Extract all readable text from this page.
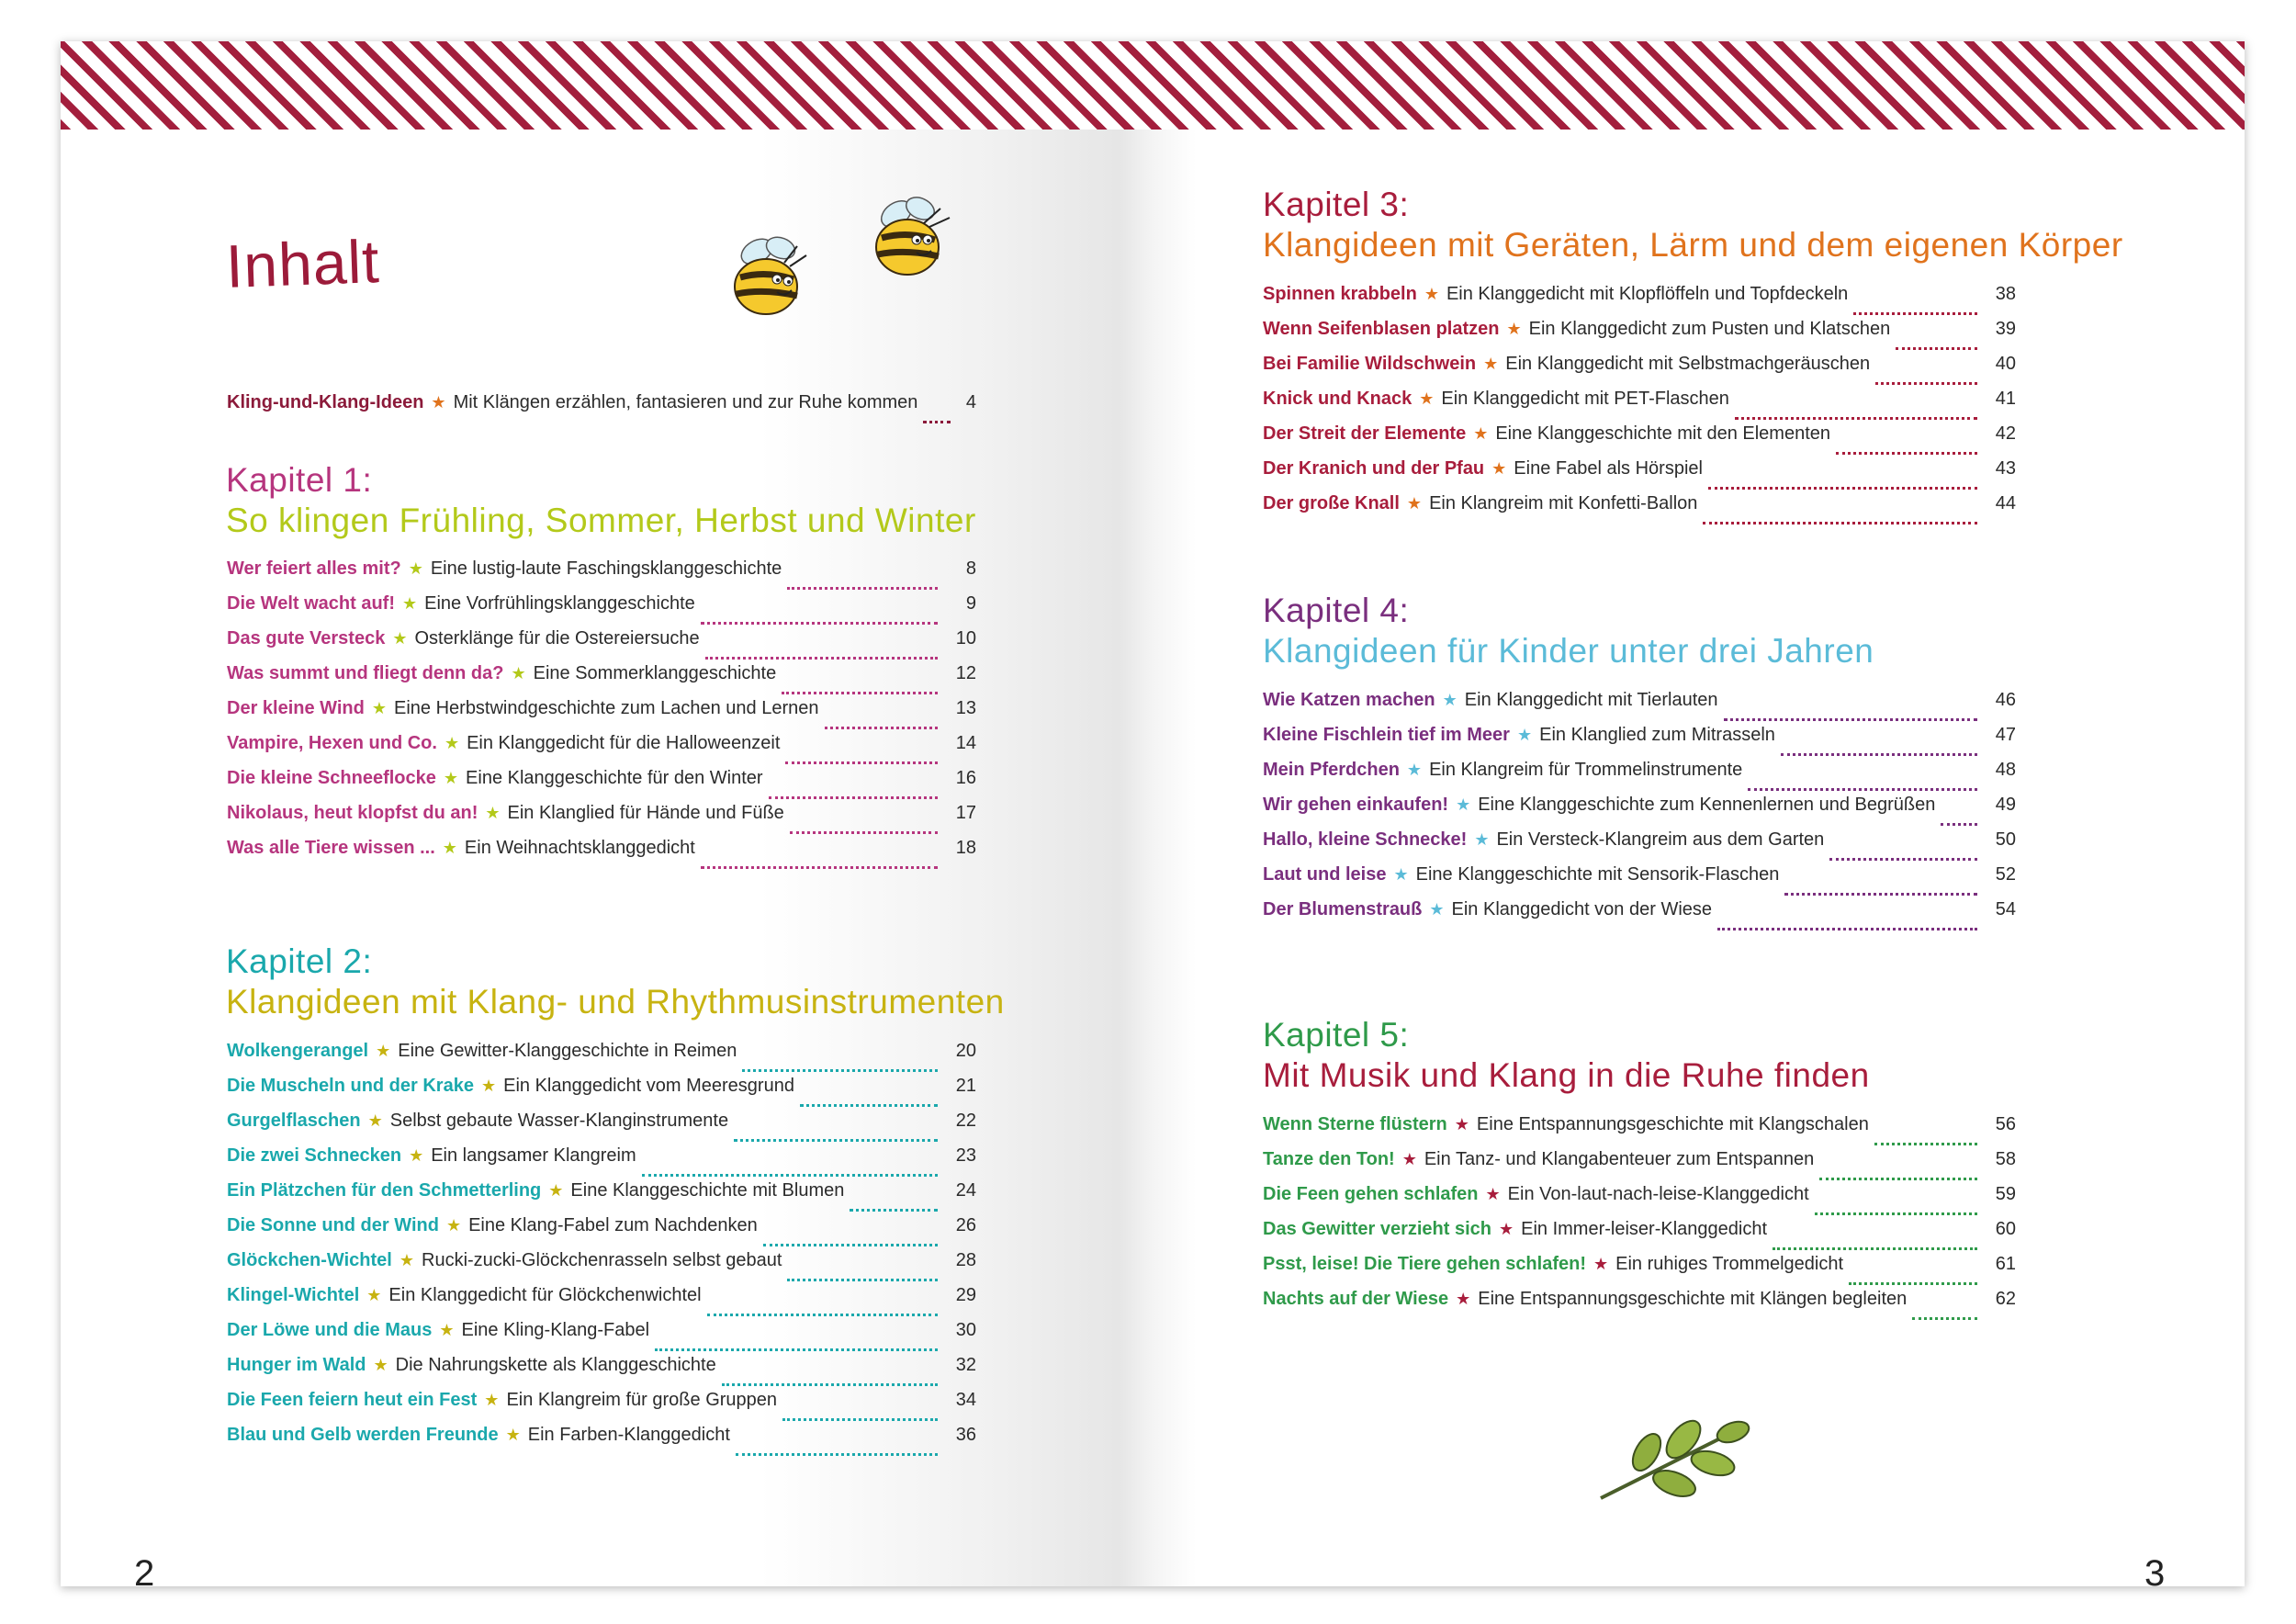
Inhalt
Kling-und-Klang-Ideen ★ Mit Klängen erzählen, fantasieren und zur Ruhe kommen	4
Kapitel 1:
So klingen Frühling, Sommer, Herbst und Winter
Wer feiert alles mit? ★ Eine lustig-laute Faschingsklanggeschichte	8
Die Welt wacht auf! ★ Eine Vorfrühlingsklanggeschichte	9
Das gute Versteck ★ Osterklänge für die Ostereiersuche	10
Was summt und fliegt denn da? ★ Eine Sommerklanggeschichte	12
Der kleine Wind ★ Eine Herbstwindgeschichte zum Lachen und Lernen	13
Vampire, Hexen und Co. ★ Ein Klanggedicht für die Halloweenzeit	14
Die kleine Schneeflocke ★ Eine Klanggeschichte für den Winter	16
Nikolaus, heut klopfst du an! ★ Ein Klanglied für Hände und Füße	17
Was alle Tiere wissen ... ★ Ein Weihnachtsklanggedicht	18
Kapitel 2:
Klangideen mit Klang- und Rhythmusinstrumenten
Wolkengerangel ★ Eine Gewitter-Klanggeschichte in Reimen	20
Die Muscheln und der Krake ★ Ein Klanggedicht vom Meeresgrund	21
Gurgelflaschen ★ Selbst gebaute Wasser-Klanginstrumente	22
Die zwei Schnecken ★ Ein langsamer Klangreim	23
Ein Plätzchen für den Schmetterling ★ Eine Klanggeschichte mit Blumen	24
Die Sonne und der Wind ★ Eine Klang-Fabel zum Nachdenken	26
Glöckchen-Wichtel ★ Rucki-zucki-Glöckchenrasseln selbst gebaut	28
Klingel-Wichtel ★ Ein Klanggedicht für Glöckchenwichtel	29
Der Löwe und die Maus ★ Eine Kling-Klang-Fabel	30
Hunger im Wald ★ Die Nahrungskette als Klanggeschichte	32
Die Feen feiern heut ein Fest ★ Ein Klangreim für große Gruppen	34
Blau und Gelb werden Freunde ★ Ein Farben-Klanggedicht	36
2
Kapitel 3:
Klangideen mit Geräten, Lärm und dem eigenen Körper
Spinnen krabbeln ★ Ein Klanggedicht mit Klopflöffeln und Topfdeckeln	38
Wenn Seifenblasen platzen ★ Ein Klanggedicht zum Pusten und Klatschen	39
Bei Familie Wildschwein ★ Ein Klanggedicht mit Selbstmachgeräuschen	40
Knick und Knack ★ Ein Klanggedicht mit PET-Flaschen	41
Der Streit der Elemente ★ Eine Klanggeschichte mit den Elementen	42
Der Kranich und der Pfau ★ Eine Fabel als Hörspiel	43
Der große Knall ★ Ein Klangreim mit Konfetti-Ballon	44
Kapitel 4:
Klangideen für Kinder unter drei Jahren
Wie Katzen machen ★ Ein Klanggedicht mit Tierlauten	46
Kleine Fischlein tief im Meer ★ Ein Klanglied zum Mitrasseln	47
Mein Pferdchen ★ Ein Klangreim für Trommelinstrumente	48
Wir gehen einkaufen! ★ Eine Klanggeschichte zum Kennenlernen und Begrüßen	49
Hallo, kleine Schnecke! ★ Ein Versteck-Klangreim aus dem Garten	50
Laut und leise ★ Eine Klanggeschichte mit Sensorik-Flaschen	52
Der Blumenstrauß ★ Ein Klanggedicht von der Wiese	54
Kapitel 5:
Mit Musik und Klang in die Ruhe finden
Wenn Sterne flüstern ★ Eine Entspannungsgeschichte mit Klangschalen	56
Tanze den Ton! ★ Ein Tanz- und Klangabenteuer zum Entspannen	58
Die Feen gehen schlafen ★ Ein Von-laut-nach-leise-Klanggedicht	59
Das Gewitter verzieht sich ★ Ein Immer-leiser-Klanggedicht	60
Psst, leise! Die Tiere gehen schlafen! ★ Ein ruhiges Trommelgedicht	61
Nachts auf der Wiese ★ Eine Entspannungsgeschichte mit Klängen begleiten	62
3
